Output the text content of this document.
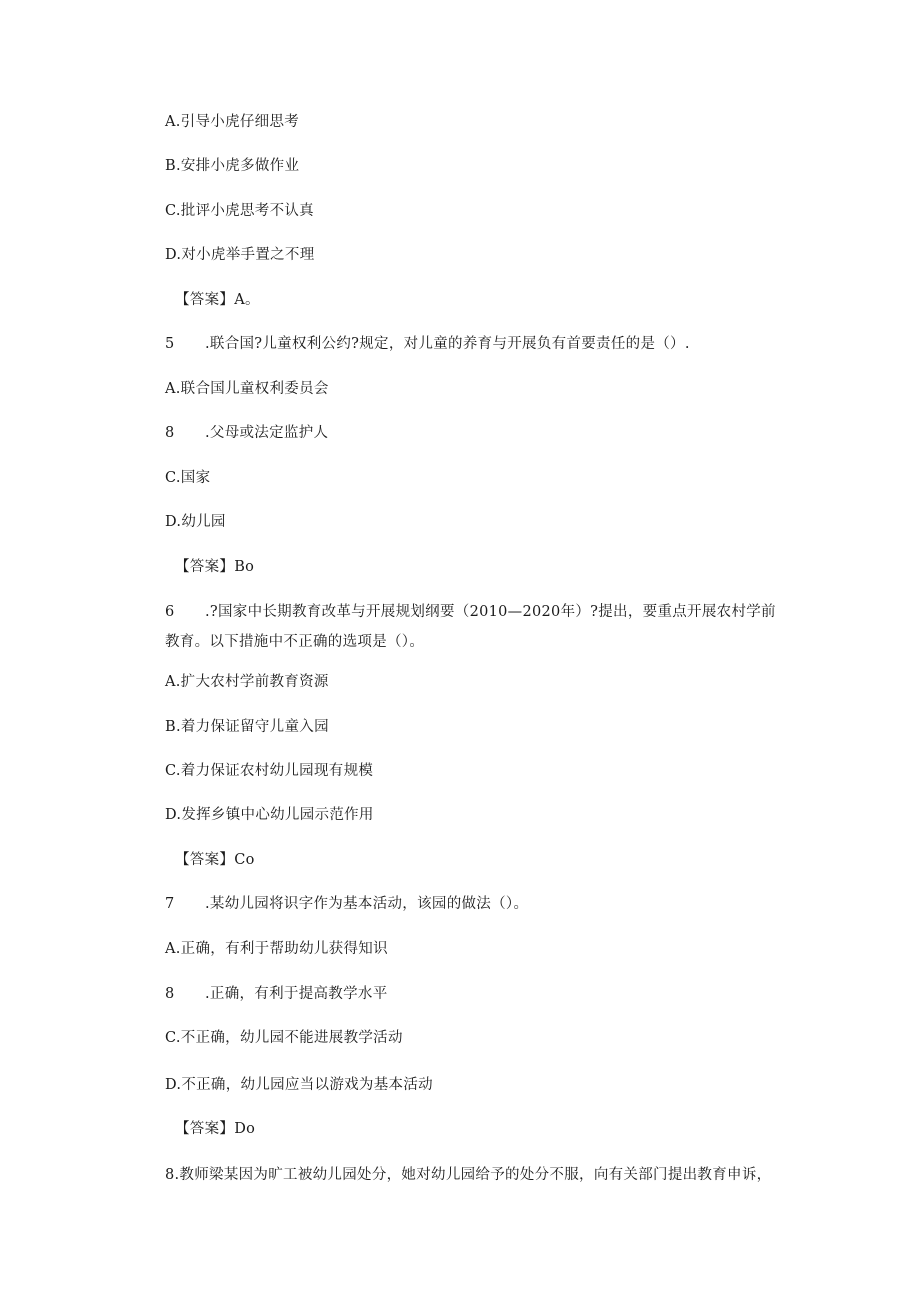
A.引导小虎仔细思考
B.安排小虎多做作业
C.批评小虎思考不认真
D.对小虎举手置之不理
【答案】A。
5 .联合国?儿童权利公约?规定，对儿童的养育与开展负有首要责任的是（）.
A.联合国儿童权利委员会
8 .父母或法定监护人
C.国家
D.幼儿园
【答案】Bo
6 .?国家中长期教育改革与开展规划纲要（2010—2020年）?提出，要重点开展农村学前教育。以下措施中不正确的选项是（）。
A.扩大农村学前教育资源
B.着力保证留守儿童入园
C.着力保证农村幼儿园现有规模
D.发挥乡镇中心幼儿园示范作用
【答案】Co
7 .某幼儿园将识字作为基本活动，该园的做法（）。
A.正确，有利于帮助幼儿获得知识
8 .正确，有利于提高教学水平
C.不正确，幼儿园不能进展教学活动
D.不正确，幼儿园应当以游戏为基本活动
【答案】Do
8.教师梁某因为旷工被幼儿园处分，她对幼儿园给予的处分不服，向有关部门提出教育申诉，
